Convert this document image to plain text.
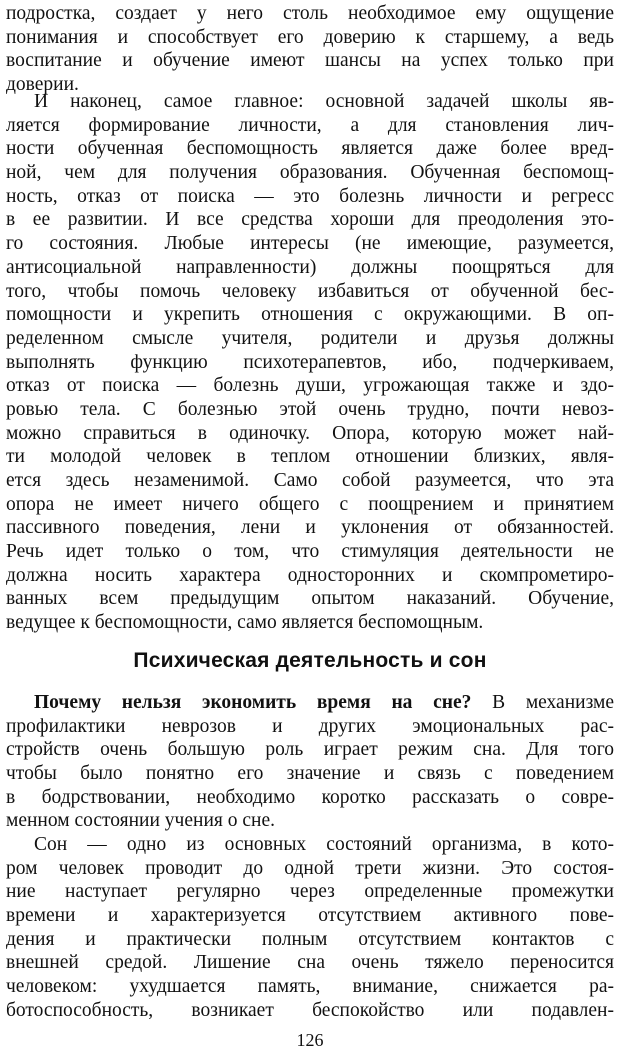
подростка, создает у него столь необходимое ему ощущение
понимания и способствует его доверию к старшему, а ведь
воспитание и обучение имеют шансы на успех только при
доверии.
И наконец, самое главное: основной задачей школы яв-
ляется формирование личности, а для становления лич-
ности обученная беспомощность является даже более вред-
ной, чем для получения образования. Обученная беспомощ-
ность, отказ от поиска — это болезнь личности и регресс
в ее развитии. И все средства хороши для преодоления это-
го состояния. Любые интересы (не имеющие, разумеется,
антисоциальной направленности) должны поощряться для
того, чтобы помочь человеку избавиться от обученной бес-
помощности и укрепить отношения с окружающими. В оп-
ределенном смысле учителя, родители и друзья должны
выполнять функцию психотерапевтов, ибо, подчеркиваем,
отказ от поиска — болезнь души, угрожающая также и здо-
ровью тела. С болезнью этой очень трудно, почти невоз-
можно справиться в одиночку. Опора, которую может най-
ти молодой человек в теплом отношении близких, явля-
ется здесь незаменимой. Само собой разумеется, что эта
опора не имеет ничего общего с поощрением и принятием
пассивного поведения, лени и уклонения от обязанностей.
Речь идет только о том, что стимуляция деятельности не
должна носить характера односторонних и скомпрометиро-
ванных всем предыдущим опытом наказаний. Обучение,
ведущее к беспомощности, само является беспомощным.
Психическая деятельность и сон
Почему нельзя экономить время на сне? В механизме
профилактики неврозов и других эмоциональных рас-
стройств очень большую роль играет режим сна. Для того
чтобы было понятно его значение и связь с поведением
в бодрствовании, необходимо коротко рассказать о совре-
менном состоянии учения о сне.
Сон — одно из основных состояний организма, в кото-
ром человек проводит до одной трети жизни. Это состоя-
ние наступает регулярно через определенные промежутки
времени и характеризуется отсутствием активного пове-
дения и практически полным отсутствием контактов с
внешней средой. Лишение сна очень тяжело переносится
человеком: ухудшается память, внимание, снижается ра-
ботоспособность, возникает беспокойство или подавлен-
126
